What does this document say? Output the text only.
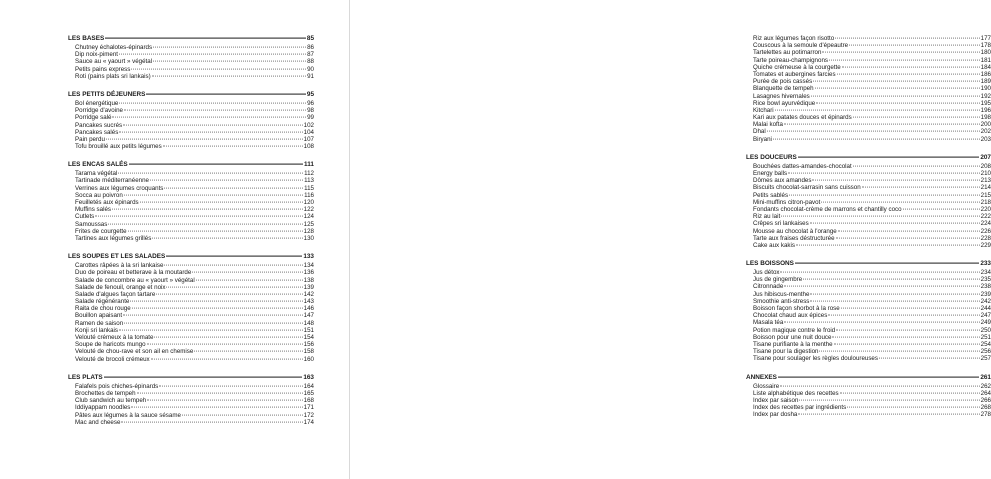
LES BASES	85
Chutney échalotes-épinards	86
Dip noix-piment	87
Sauce au « yaourt » végétal	88
Petits pains express	90
Roti (pains plats sri lankais)	91
LES PETITS DÉJEUNERS	95
Bol énergétique	96
Porridge d'avoine	98
Porridge salé	99
Pancakes sucrés	102
Pancakes salés	104
Pain perdu	107
Tofu brouillé aux petits légumes	108
LES ENCAS SALÉS	111
Tarama végétal	112
Tartinade méditerranéenne	113
Verrines aux légumes croquants	115
Socca au poivron	116
Feuilletés aux épinards	120
Muffins salés	122
Cutlets	124
Samoussas	125
Frites de courgette	128
Tartines aux légumes grillés	130
LES SOUPES ET LES SALADES	133
Carottes râpées à la sri lankaise	134
Duo de poireau et betterave à la moutarde	136
Salade de concombre au « yaourt » végétal	138
Salade de fenouil, orange et noix	139
Salade d'algues façon tartare	142
Salade régénérante	143
Raita de chou rouge	146
Bouillon apaisant	147
Ramen de saison	148
Konji sri lankais	151
Velouté crémeux à la tomate	154
Soupe de haricots mungo	156
Velouté de chou-rave et son ail en chemise	158
Velouté de brocoli crémeux	160
LES PLATS	163
Falafels pois chiches-épinards	164
Brochettes de tempeh	165
Club sandwich au tempeh	168
Iddiyappam noodles	171
Pâtes aux légumes à la sauce sésame	172
Mac and cheese	174
Riz aux légumes façon risotto	177
Couscous à la semoule d'épeautre	178
Tartelettes au potimarron	180
Tarte poireau-champignons	181
Quiche crémeuse à la courgette	184
Tomates et aubergines farcies	186
Purée de pois cassés	189
Blanquette de tempeh	190
Lasagnes hivernales	192
Rice bowl ayurvédique	195
Kitchari	196
Kari aux patates douces et épinards	198
Malai kofta	200
Dhal	202
Biryani	203
LES DOUCEURS	207
Bouchées dattes-amandes-chocolat	208
Energy balls	210
Dômes aux amandes	213
Biscuits chocolat-sarrasin sans cuisson	214
Petits sablés	215
Mini-muffins citron-pavot	218
Fondants chocolat-crème de marrons et chantilly coco	220
Riz au lait	222
Crêpes sri lankaises	224
Mousse au chocolat à l'orange	226
Tarte aux fraises déstructurée	228
Cake aux kakis	229
LES BOISSONS	233
Jus détox	234
Jus de gingembre	235
Citronnade	238
Jus hibiscus-menthe	239
Smoothie anti-stress	242
Boisson façon shorbot à la rose	244
Chocolat chaud aux épices	247
Masala téa	249
Potion magique contre le froid	250
Boisson pour une nuit douce	251
Tisane purifiante à la menthe	254
Tisane pour la digestion	256
Tisane pour soulager les règles douloureuses	257
ANNEXES	261
Glossaire	262
Liste alphabétique des recettes	264
Index par saison	266
Index des recettes par ingrédients	268
Index par dosha	278
